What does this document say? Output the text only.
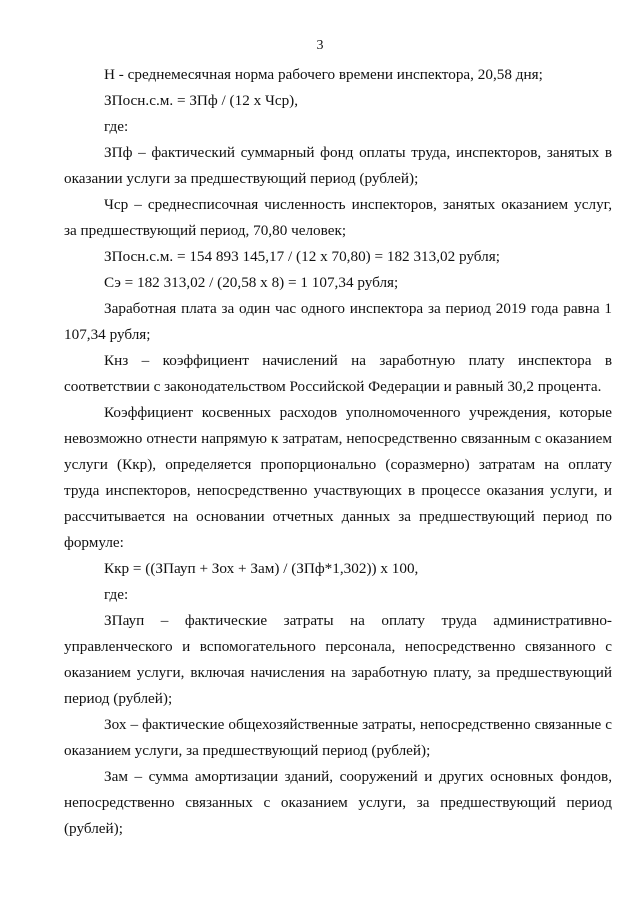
3

Н - среднемесячная норма рабочего времени инспектора, 20,58 дня;

ЗПосн.с.м. = ЗПф / (12 x Чср),

где:

ЗПф – фактический суммарный фонд оплаты труда, инспекторов, занятых в оказании услуги за предшествующий период (рублей);

Чср – среднесписочная численность инспекторов, занятых оказанием услуг, за предшествующий период, 70,80 человек;

ЗПосн.с.м. = 154 893 145,17 / (12 x 70,80) = 182 313,02 рубля;

Сэ = 182 313,02 / (20,58 x 8) = 1 107,34 рубля;

Заработная плата за один час одного инспектора за период 2019 года равна 1 107,34 рубля;

Кнз – коэффициент начислений на заработную плату инспектора в соответствии с законодательством Российской Федерации и равный 30,2 процента.

Коэффициент косвенных расходов уполномоченного учреждения, которые невозможно отнести напрямую к затратам, непосредственно связанным с оказанием услуги (Ккр), определяется пропорционально (соразмерно) затратам на оплату труда инспекторов, непосредственно участвующих в процессе оказания услуги, и рассчитывается на основании отчетных данных за предшествующий период по формуле:

Ккр = ((ЗПауп + Зох + Зам) / (ЗПф*1,302)) x 100,

где:

ЗПауп – фактические затраты на оплату труда административно-управленческого и вспомогательного персонала, непосредственно связанного с оказанием услуги, включая начисления на заработную плату, за предшествующий период (рублей);

Зох – фактические общехозяйственные затраты, непосредственно связанные с оказанием услуги, за предшествующий период (рублей);

Зам – сумма амортизации зданий, сооружений и других основных фондов, непосредственно связанных с оказанием услуги, за предшествующий период (рублей);
